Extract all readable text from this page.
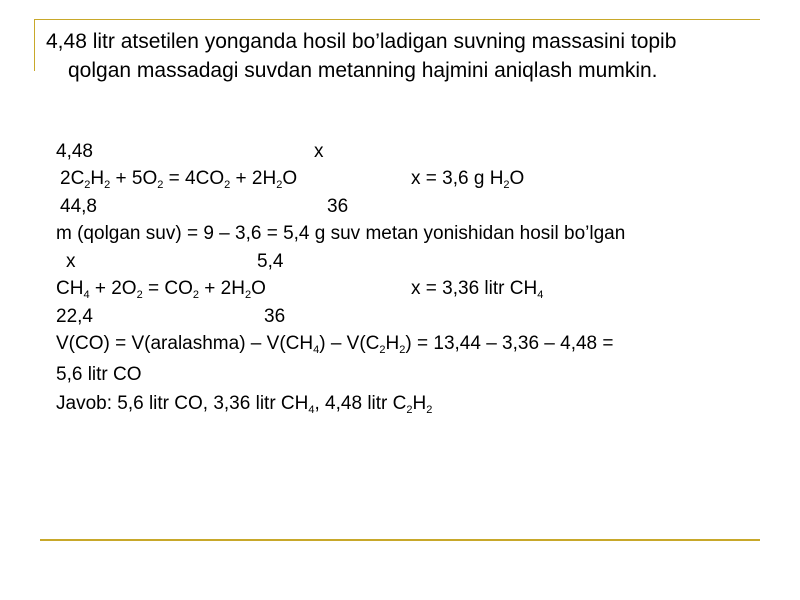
4,48 litr atsetilen yonganda hosil bo’ladigan suvning massasini topib
qolgan massadagi suvdan metanning hajmini aniqlash mumkin.
4,48	x
$2C_2H_2 + 5O_2 = 4CO_2 + 2H_2O$	x = 3,6 g $H_2O$
44,8	36
m (qolgan suv) = 9 – 3,6 = 5,4 g suv metan yonishidan hosil bo’lgan
x	5,4
$CH_4 + 2O_2 = CO_2 + 2H_2O$	x = 3,36 litr $CH_4$
22,4	36
V(CO) = V(aralashma) – $V(CH_4) - V(C_2H_2) = 13,44 - 3,36 - 4,48$ =
5,6 litr CO
Javob: 5,6 litr CO, 3,36 litr $CH_4$, 4,48 litr $C_2H_2$
